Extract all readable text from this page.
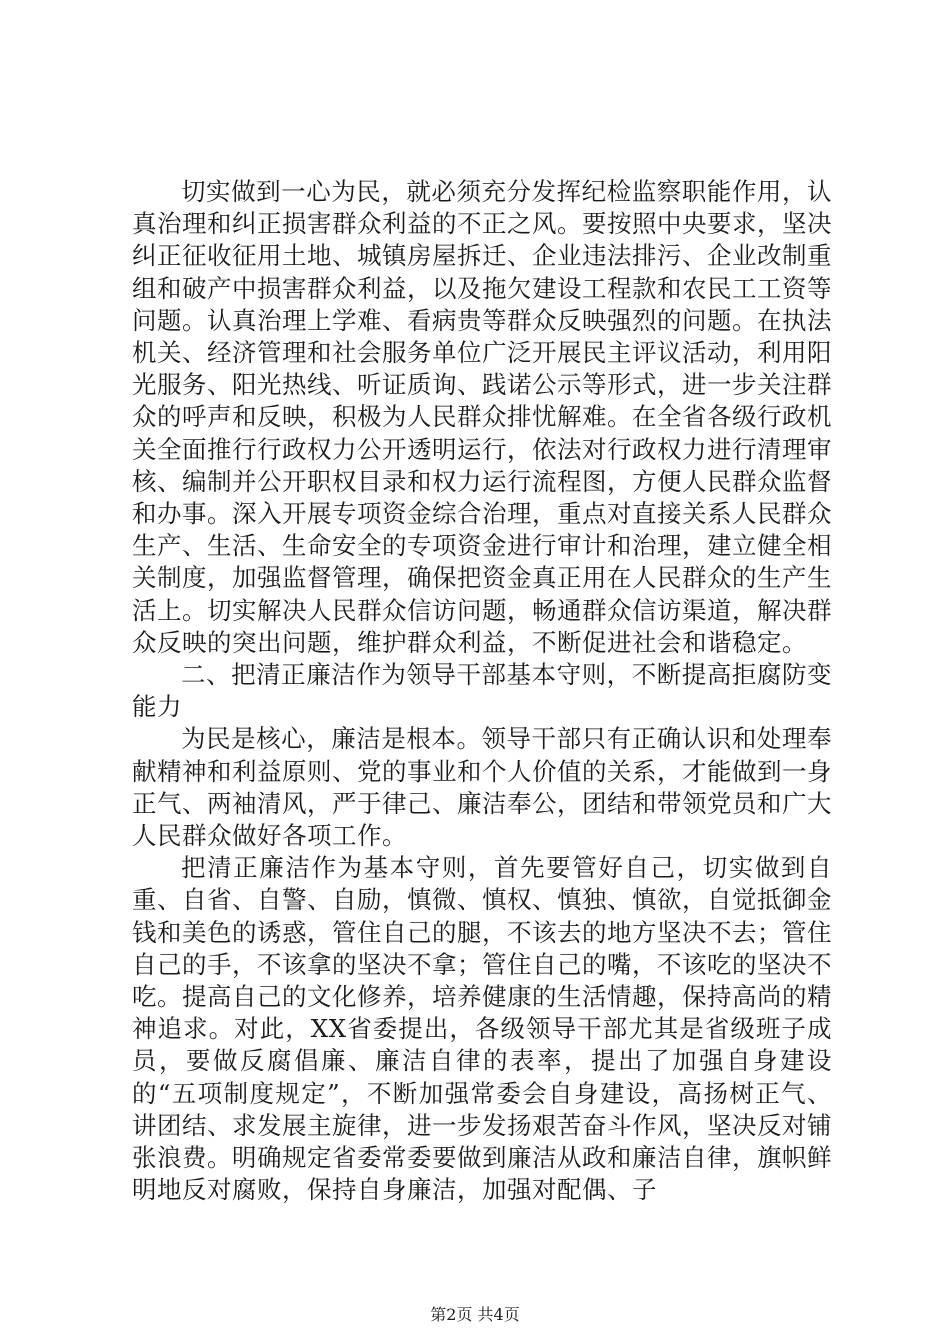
切实做到一心为民，就必须充分发挥纪检监察职能作用，认真治理和纠正损害群众利益的不正之风。要按照中央要求，坚决纠正征收征用土地、城镇房屋拆迁、企业违法排污、企业改制重组和破产中损害群众利益，以及拖欠建设工程款和农民工工资等问题。认真治理上学难、看病贵等群众反映强烈的问题。在执法机关、经济管理和社会服务单位广泛开展民主评议活动，利用阳光服务、阳光热线、听证质询、践诺公示等形式，进一步关注群众的呼声和反映，积极为人民群众排忧解难。在全省各级行政机关全面推行行政权力公开透明运行，依法对行政权力进行清理审核、编制并公开职权目录和权力运行流程图，方便人民群众监督和办事。深入开展专项资金综合治理，重点对直接关系人民群众生产、生活、生命安全的专项资金进行审计和治理，建立健全相关制度，加强监督管理，确保把资金真正用在人民群众的生产生活上。切实解决人民群众信访问题，畅通群众信访渠道，解决群众反映的突出问题，维护群众利益，不断促进社会和谐稳定。

二、把清正廉洁作为领导干部基本守则，不断提高拒腐防变能力

为民是核心，廉洁是根本。领导干部只有正确认识和处理奉献精神和利益原则、党的事业和个人价值的关系，才能做到一身正气、两袖清风，严于律己、廉洁奉公，团结和带领党员和广大人民群众做好各项工作。

把清正廉洁作为基本守则，首先要管好自己，切实做到自重、自省、自警、自励，慎微、慎权、慎独、慎欲，自觉抵御金钱和美色的诱惑，管住自己的腿，不该去的地方坚决不去；管住自己的手，不该拿的坚决不拿；管住自己的嘴，不该吃的坚决不吃。提高自己的文化修养，培养健康的生活情趣，保持高尚的精神追求。对此，XX省委提出，各级领导干部尤其是省级班子成员，要做反腐倡廉、廉洁自律的表率，提出了加强自身建设的“五项制度规定”，不断加强常委会自身建设，高扬树正气、讲团结、求发展主旋律，进一步发扬艰苦奋斗作风，坚决反对铺张浪费。明确规定省委常委要做到廉洁从政和廉洁自律，旗帜鲜明地反对腐败，保持自身廉洁，加强对配偶、子

第2页 共4页
